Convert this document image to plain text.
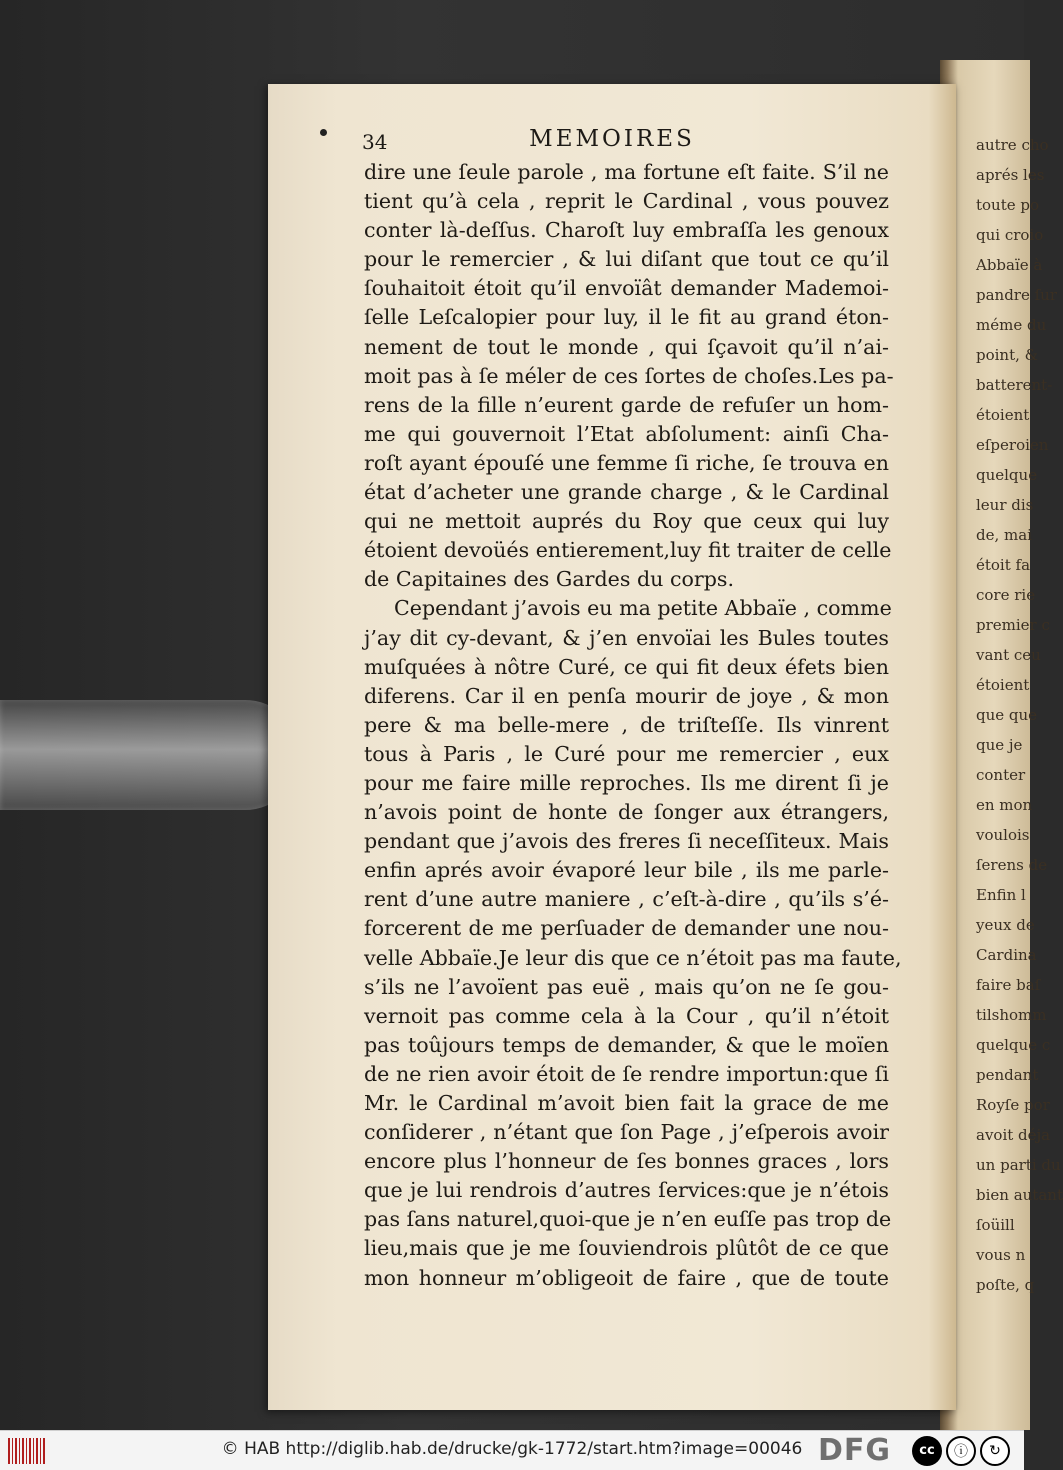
autre cho
aprés les
toute po
qui croio
Abbaïe à
pandre ſur
méme du
point, &
batterent-
étoient
eſperoien
quelque
leur dis
de, mai
étoit fa
core rie
premier c
vant ceu
étoient
que que
que je
conter
en mon
voulois
ſerens de
Enfin l
yeux de
Cardina
faire baſ
tilshomm
quelque c
pendant
Royſe por
avoit déja
un parti du
bien autant
ſoüill
vous n
poſte, q
34	MEMOIRES
dire une ſeule parole , ma fortune eſt faite. S’il ne
tient qu’à cela , reprit le Cardinal , vous pouvez
conter là-deſſus. Charoſt luy embraſſa les genoux
pour le remercier , & lui diſant que tout ce qu’il
ſouhaitoit étoit qu’il envoïât demander Mademoi-
ſelle Leſcalopier pour luy, il le fit au grand éton-
nement de tout le monde , qui ſçavoit qu’il n’ai-
moit pas à ſe méler de ces ſortes de choſes.Les pa-
rens de la fille n’eurent garde de refuſer un hom-
me qui gouvernoit l’Etat abſolument: ainſi Cha-
roſt ayant épouſé une femme ſi riche, ſe trouva en
état d’acheter une grande charge , & le Cardinal
qui ne mettoit auprés du Roy que ceux qui luy
étoient devoüés entierement,luy fit traiter de celle
de Capitaines des Gardes du corps.
Cependant j’avois eu ma petite Abbaïe , comme
j’ay dit cy-devant, & j’en envoïai les Bules toutes
muſquées à nôtre Curé, ce qui fit deux éfets bien
diferens. Car il en penſa mourir de joye , & mon
pere & ma belle-mere , de triſteſſe. Ils vinrent
tous à Paris , le Curé pour me remercier , eux
pour me faire mille reproches. Ils me dirent ſi je
n’avois point de honte de ſonger aux étrangers,
pendant que j’avois des freres ſi neceſſiteux. Mais
enfin aprés avoir évaporé leur bile , ils me parle-
rent d’une autre maniere , c’eſt-à-dire , qu’ils s’é-
forcerent de me perſuader de demander une nou-
velle Abbaïe.Je leur dis que ce n’étoit pas ma faute,
s’ils ne l’avoïent pas euë , mais qu’on ne ſe gou-
vernoit pas comme cela à la Cour , qu’il n’étoit
pas toûjours temps de demander, & que le moïen
de ne rien avoir étoit de ſe rendre importun:que ſi
Mr. le Cardinal m’avoit bien fait la grace de me
conſiderer , n’étant que ſon Page , j’eſperois avoir
encore plus l’honneur de ſes bonnes graces , lors
que je lui rendrois d’autres ſervices:que je n’étois
pas ſans naturel,quoi-que je n’en euſſe pas trop de
lieu,mais que je me ſouviendrois plûtôt de ce que
mon honneur m’obligeoit de faire , que de toute
© HAB http://diglib.hab.de/drucke/gk-1772/start.htm?image=00046 DFG	cc	ⓘ	↻
